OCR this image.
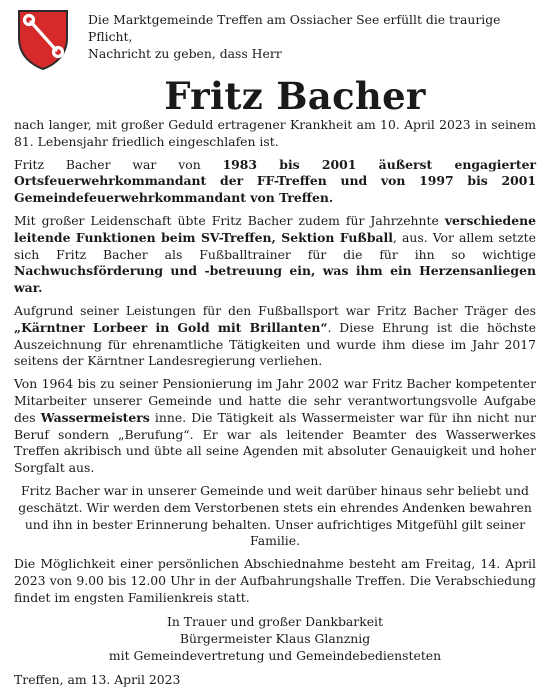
Die Marktgemeinde Treffen am Ossiacher See erfüllt die traurige Pflicht,
Nachricht zu geben, dass Herr
Fritz Bacher

nach langer, mit großer Geduld ertragener Krankheit am 10. April 2023 in seinem 81. Lebensjahr friedlich eingeschlafen ist.

Fritz Bacher war von 1983 bis 2001 äußerst engagierter Ortsfeuerwehrkommandant der FF-Treffen und von 1997 bis 2001 Gemeindefeuerwehrkommandant von Treffen.

Mit großer Leidenschaft übte Fritz Bacher zudem für Jahrzehnte verschiedene leitende Funktionen beim SV-Treffen, Sektion Fußball, aus. Vor allem setzte sich Fritz Bacher als Fußballtrainer für die für ihn so wichtige Nachwuchsförderung und -betreuung ein, was ihm ein Herzensanliegen war.

Aufgrund seiner Leistungen für den Fußballsport war Fritz Bacher Träger des „Kärntner Lorbeer in Gold mit Brillanten“. Diese Ehrung ist die höchste Auszeichnung für ehrenamtliche Tätigkeiten und wurde ihm diese im Jahr 2017 seitens der Kärntner Landesregierung verliehen.

Von 1964 bis zu seiner Pensionierung im Jahr 2002 war Fritz Bacher kompetenter Mitarbeiter unserer Gemeinde und hatte die sehr verantwortungsvolle Aufgabe des Wassermeisters inne. Die Tätigkeit als Wassermeister war für ihn nicht nur Beruf sondern „Berufung“. Er war als leitender Beamter des Wasserwerkes Treffen akribisch und übte all seine Agenden mit absoluter Genauigkeit und hoher Sorgfalt aus.

Fritz Bacher war in unserer Gemeinde und weit darüber hinaus sehr beliebt und geschätzt. Wir werden dem Verstorbenen stets ein ehrendes Andenken bewahren und ihn in bester Erinnerung behalten. Unser aufrichtiges Mitgefühl gilt seiner Familie.

Die Möglichkeit einer persönlichen Abschiednahme besteht am Freitag, 14. April 2023 von 9.00 bis 12.00 Uhr in der Aufbahrungshalle Treffen. Die Verabschiedung findet im engsten Familienkreis statt.

In Trauer und großer Dankbarkeit
Bürgermeister Klaus Glanznig
mit Gemeindevertretung und Gemeindebediensteten
Treffen, am 13. April 2023
